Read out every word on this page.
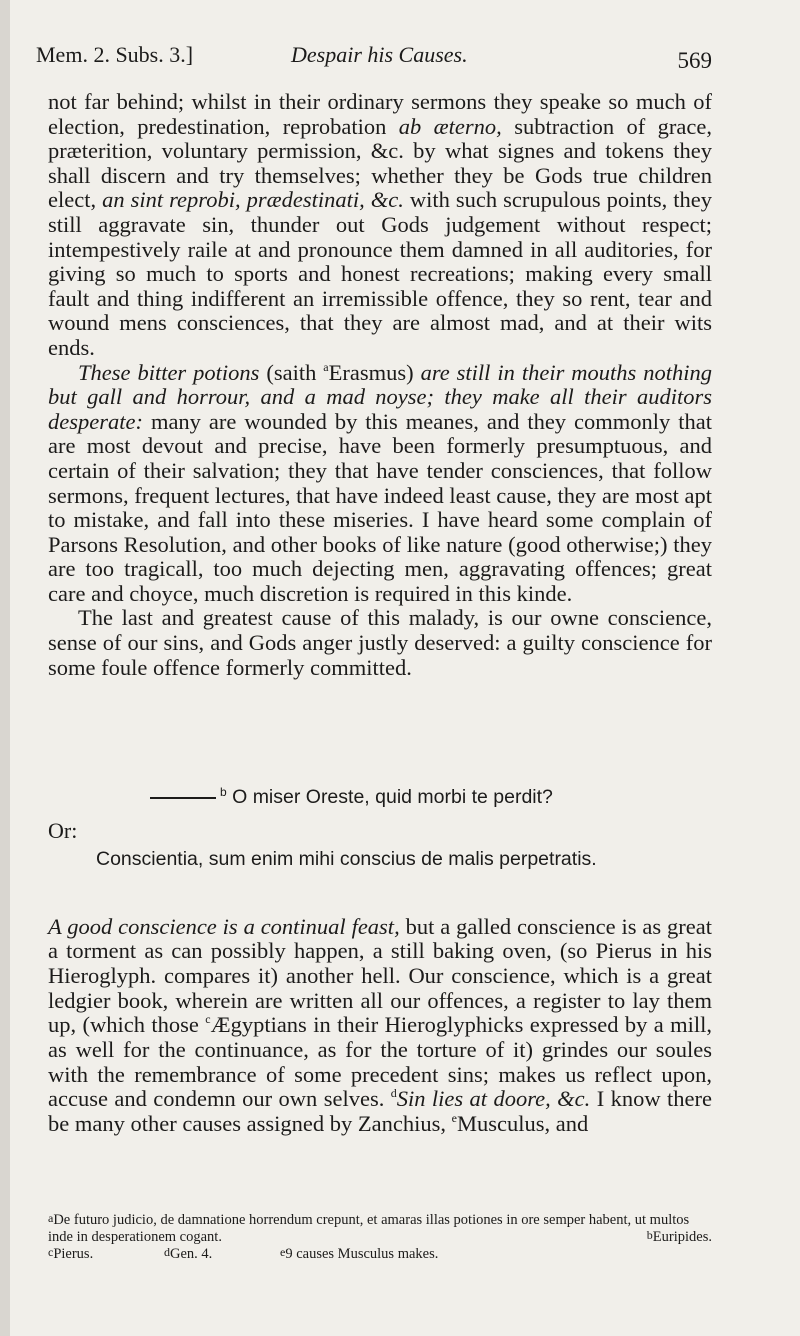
Mem. 2. Subs. 3.]	Despair his Causes.	569

not far behind; whilst in their ordinary sermons they speake so much of election, predestination, reprobation ab æterno, subtraction of grace, præterition, voluntary permission, &c. by what signes and tokens they shall discern and try themselves; whether they be Gods true children elect, an sint reprobi, prædestinati, &c. with such scrupulous points, they still aggravate sin, thunder out Gods judgement without respect; intempestively raile at and pronounce them damned in all auditories, for giving so much to sports and honest recreations; making every small fault and thing indifferent an irremissible offence, they so rent, tear and wound mens consciences, that they are almost mad, and at their wits ends.

These bitter potions (saith $^a$Erasmus) are still in their mouths nothing but gall and horrour, and a mad noyse; they make all their auditors desperate: many are wounded by this meanes, and they commonly that are most devout and precise, have been formerly presumptuous, and certain of their salvation; they that have tender consciences, that follow sermons, frequent lectures, that have indeed least cause, they are most apt to mistake, and fall into these miseries. I have heard some complain of Parsons Resolution, and other books of like nature (good otherwise;) they are too tragicall, too much dejecting men, aggravating offences; great care and choyce, much discretion is required in this kinde.

The last and greatest cause of this malady, is our owne conscience, sense of our sins, and Gods anger justly deserved: a guilty conscience for some foule offence formerly committed.

$^b$ O miser Oreste, quid morbi te perdit?
Or:
Conscientia, sum enim mihi conscius de malis perpetratis.

A good conscience is a continual feast, but a galled conscience is as great a torment as can possibly happen, a still baking oven, (so Pierus in his Hieroglyph. compares it) another hell. Our conscience, which is a great ledgier book, wherein are written all our offences, a register to lay them up, (which those $^c$Ægyptians in their Hieroglyphicks expressed by a mill, as well for the continuance, as for the torture of it) grindes our soules with the remembrance of some precedent sins; makes us reflect upon, accuse and condemn our own selves. $^d$Sin lies at doore, &c. I know there be many other causes assigned by Zanchius, $^e$Musculus, and

$^a$De futuro judicio, de damnatione horrendum crepunt, et amaras illas potiones in ore semper habent, ut multos inde in desperationem cogant.	$^b$Euripides.
$^c$Pierus.	$^d$Gen. 4.	$^e$9 causes Musculus makes.
